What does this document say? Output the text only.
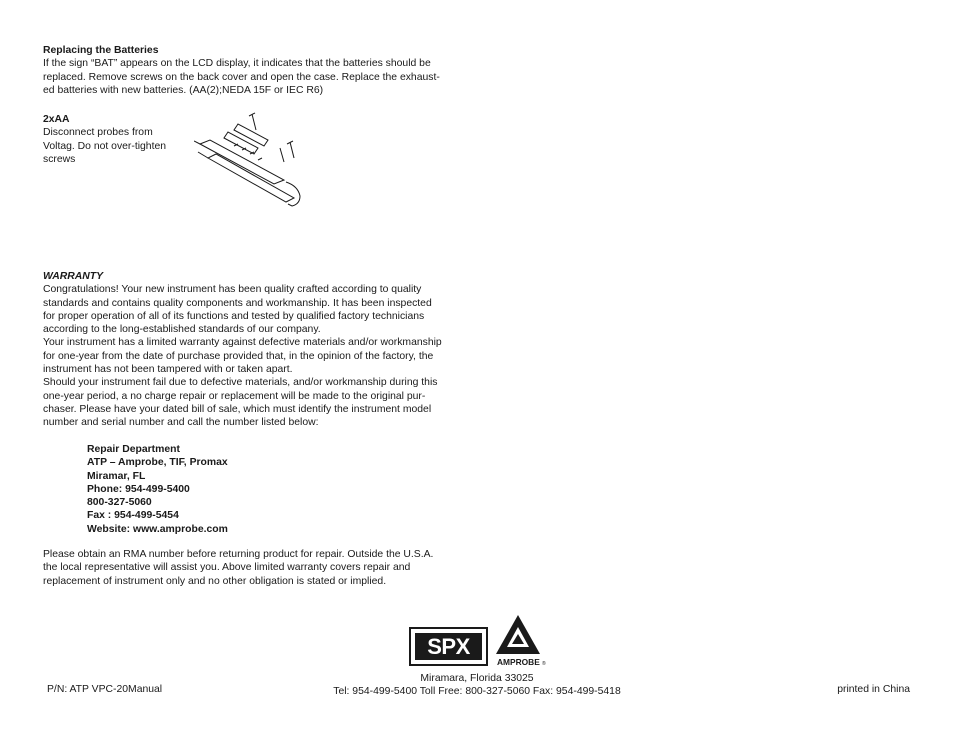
Replacing the Batteries
If the sign “BAT” appears on the LCD display, it indicates that the batteries should be
replaced. Remove screws on the back cover and open the case. Replace the exhaust-
ed batteries with new batteries. (AA(2);NEDA 15F or IEC R6)
2xAA
Disconnect probes from
Voltag. Do not over-tighten
screws
WARRANTY
Congratulations! Your new instrument has been quality crafted according to quality
standards and contains quality components and workmanship. It has been inspected
for proper operation of all of its functions and tested by qualified factory technicians
according to the long-established standards of our company.
Your instrument has a limited warranty against defective materials and/or workmanship
for one-year from the date of purchase provided that, in the opinion of the factory, the
instrument has not been tampered with or taken apart.
Should your instrument fail due to defective materials, and/or workmanship during this
one-year period, a no charge repair or replacement will be made to the original pur-
chaser. Please have your dated bill of sale, which must identify the instrument model
number and serial number and call the number listed below:
Repair Department
ATP – Amprobe, TIF, Promax
Miramar, FL
Phone: 954-499-5400
800-327-5060
Fax : 954-499-5454
Website: www.amprobe.com
Please obtain an RMA number before returning product for repair. Outside the U.S.A.
the local representative will assist you. Above limited warranty covers repair and
replacement of instrument only and no other obligation is stated or implied.
SPX
AMPROBE ®
P/N: ATP VPC-20Manual
Miramara, Florida 33025
Tel: 954-499-5400 Toll Free: 800-327-5060 Fax: 954-499-5418	printed in China
